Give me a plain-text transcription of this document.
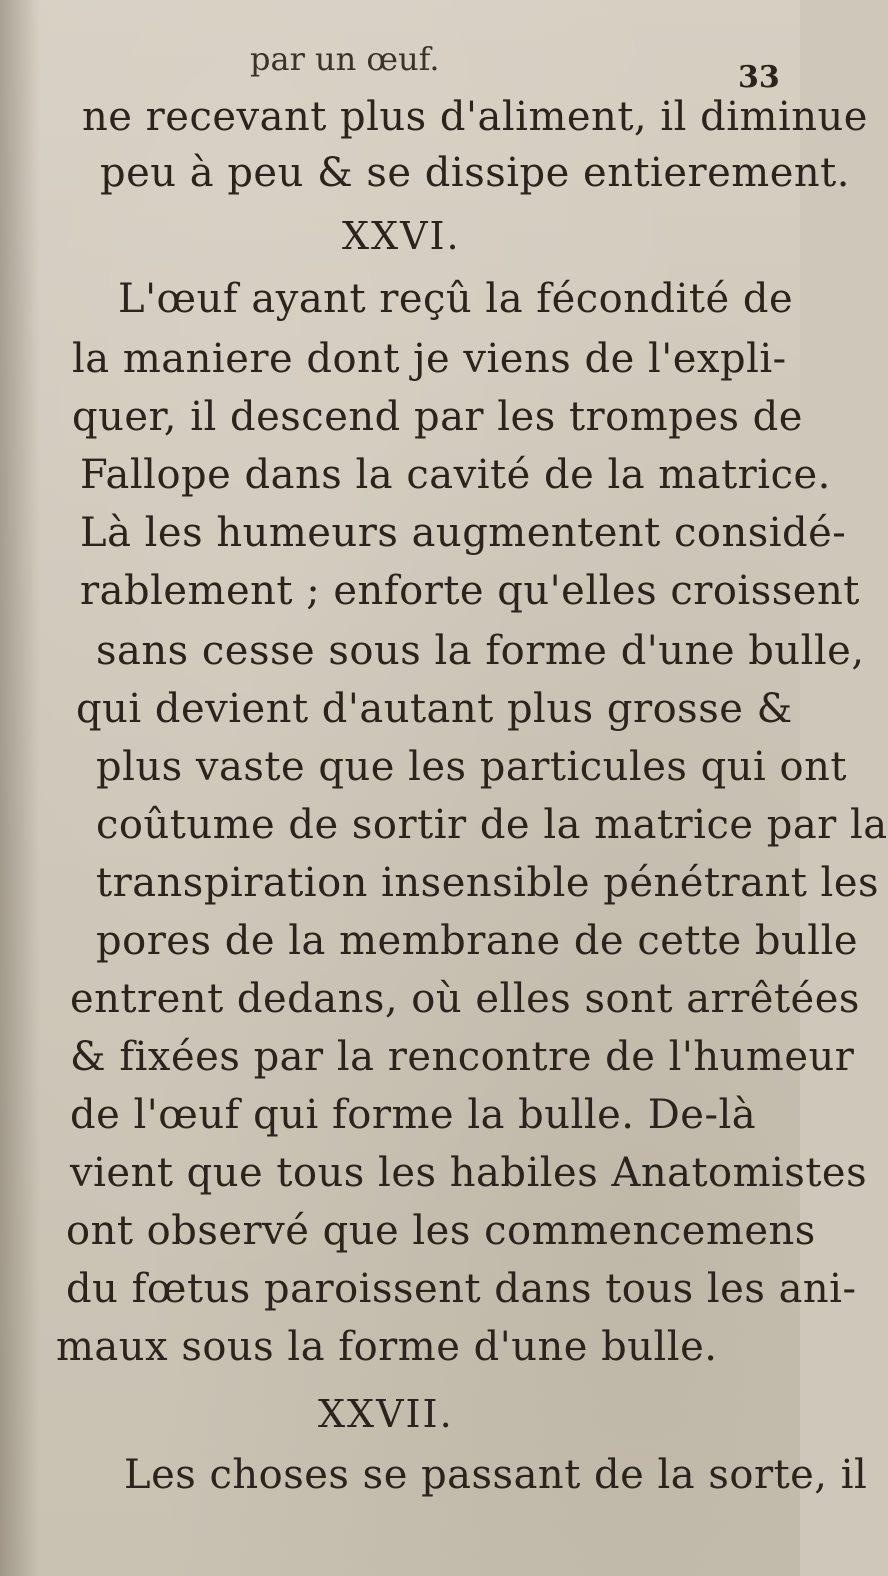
par un œuf.	33
ne recevant plus d'aliment, il diminue
peu à peu & se dissipe entierement.
XXVI.
L'œuf ayant reçû la fécondité de
la maniere dont je viens de l'expli-
quer, il descend par les trompes de
Fallope dans la cavité de la matrice.
Là les humeurs augmentent considé-
rablement ; enforte qu'elles croissent
sans cesse sous la forme d'une bulle,
qui devient d'autant plus grosse &
plus vaste que les particules qui ont
coûtume de sortir de la matrice par la
transpiration insensible pénétrant les
pores de la membrane de cette bulle
entrent dedans, où elles sont arrêtées
& fixées par la rencontre de l'humeur
de l'œuf qui forme la bulle. De-là
vient que tous les habiles Anatomistes
ont observé que les commencemens
du fœtus paroissent dans tous les ani-
maux sous la forme d'une bulle.
XXVII.
Les choses se passant de la sorte, il
